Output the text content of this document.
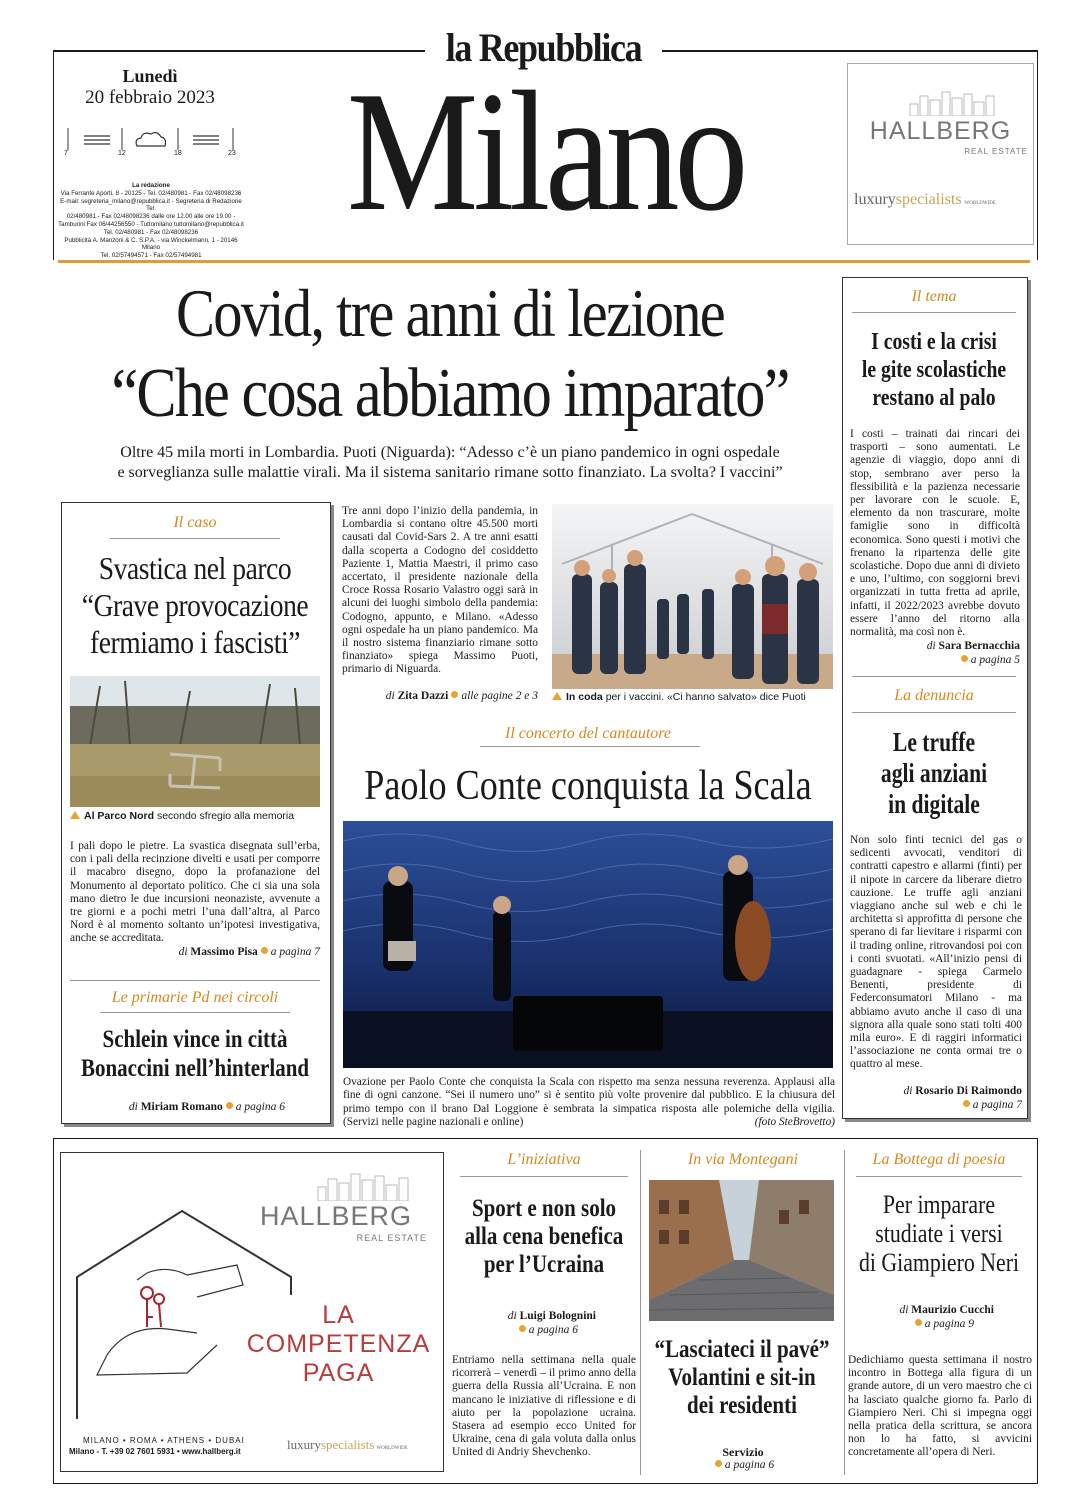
la Repubblica
Lunedì
20 febbraio 2023
7	12	18	23
La redazione
Via Ferrante Aporti, 8 - 20125 - Tel. 02/480981 - Fax 02/48098236
E-mail: segreteria_milano@repubblica.it - Segreteria di Redazione Tel.
02/480981 - Fax 02/48098236 dalle ore 12.00 alle ore 19.00 -
Tamburini Fax 06/44256550 - Tuttomilano tuttomilano@repubblica.it
Tel. 02/480981 - Fax 02/48098236
Pubblicità A. Manzoni & C. S.P.A. - via Winckelmann, 1 - 20146 Milano
Tel. 02/57494571 - Fax 02/57494981
Milano	HALLBERG
REAL ESTATE
luxuryspecialists WORLDWIDE
Covid, tre anni di lezione
“Che cosa abbiamo imparato”
Oltre 45 mila morti in Lombardia. Puoti (Niguarda): “Adesso c’è un piano pandemico in ogni ospedale
e sorveglianza sulle malattie virali. Ma il sistema sanitario rimane sotto finanziato. La svolta? I vaccini”
Tre anni dopo l’inizio della pandemia, in Lombardia si contano oltre 45.500 morti causati dal Covid-Sars 2. A tre anni esatti dalla scoperta a Codogno del cosiddetto Paziente 1, Mattia Maestri, il primo caso accertato, il presidente nazionale della Croce Rossa Rosario Valastro oggi sarà in alcuni dei luoghi simbolo della pandemia: Codogno, appunto, e Milano. «Adesso ogni ospedale ha un piano pandemico. Ma il nostro sistema finanziario rimane sotto finanziato» spiega Massimo Puoti, primario di Niguarda.
di Zita Dazzi alle pagine 2 e 3	In coda per i vaccini. «Ci hanno salvato» dice Puoti
Il caso
Svastica nel parco
“Grave provocazione
fermiamo i fascisti”
Al Parco Nord secondo sfregio alla memoria
I pali dopo le pietre. La svastica disegnata sull’erba, con i pali della recinzione divelti e usati per comporre il macabro disegno, dopo la profanazione del Monumento al deportato politico. Che ci sia una sola mano dietro le due incursioni neonaziste, avvenute a tre giorni e a pochi metri l’una dall’altra, al Parco Nord è al momento soltanto un’ipotesi investigativa, anche se accreditata.
di Massimo Pisa a pagina 7
Le primarie Pd nei circoli
Schlein vince in città
Bonaccini nell’hinterland
di Miriam Romano a pagina 6
Il concerto del cantautore
Paolo Conte conquista la Scala
Ovazione per Paolo Conte che conquista la Scala con rispetto ma senza nessuna reverenza. Applausi alla fine di ogni canzone. “Sei il numero uno” si è sentito più volte provenire dal pubblico. E la chiusura del primo tempo con il brano Dal Loggione è sembrata la simpatica risposta alle polemiche della vigilia. (Servizi nelle pagine nazionali e online)	(foto SteBrovetto)
Il tema
I costi e la crisi
le gite scolastiche
restano al palo
I costi – trainati dai rincari dei trasporti – sono aumentati. Le agenzie di viaggio, dopo anni di stop, sembrano aver perso la flessibilità e la pazienza necessarie per lavorare con le scuole. E, elemento da non trascurare, molte famiglie sono in difficoltà economica. Sono questi i motivi che frenano la ripartenza delle gite scolastiche. Dopo due anni di divieto e uno, l’ultimo, con soggiorni brevi organizzati in tutta fretta ad aprile, infatti, il 2022/2023 avrebbe dovuto essere l’anno del ritorno alla normalità, ma così non è.
di Sara Bernacchia
a pagina 5
La denuncia
Le truffe
agli anziani
in digitale
Non solo finti tecnici del gas o sedicenti avvocati, venditori di contratti capestro e allarmi (finti) per il nipote in carcere da liberare dietro cauzione. Le truffe agli anziani viaggiano anche sul web e chi le architetta si approfitta di persone che sperano di far lievitare i risparmi con il trading online, ritrovandosi poi con i conti svuotati. «All’inizio pensi di guadagnare - spiega Carmelo Benenti, presidente di Federconsumatori Milano - ma abbiamo avuto anche il caso di una signora alla quale sono stati tolti 400 mila euro». E di raggiri informatici l’associazione ne conta ormai tre o quattro al mese.
di Rosario Di Raimondo
a pagina 7
HALLBERG
REAL ESTATE
LA
COMPETENZA
PAGA
MILANO • ROMA • ATHENS • DUBAI
Milano - T. +39 02 7601 5931 • www.hallberg.it	luxuryspecialists WORLDWIDE
L’iniziativa
Sport e non solo
alla cena benefica
per l’Ucraina
di Luigi Bolognini
a pagina 6
Entriamo nella settimana nella quale ricorrerà – venerdì – il primo anno della guerra della Russia all’Ucraina. E non mancano le iniziative di riflessione e di aiuto per la popolazione ucraina. Stasera ad esempio ecco United for Ukraine, cena di gala voluta dalla onlus United di Andriy Shevchenko.
In via Montegani
“Lasciateci il pavé”
Volantini e sit-in
dei residenti
Servizio
a pagina 6
La Bottega di poesia
Per imparare
studiate i versi
di Giampiero Neri
di Maurizio Cucchi
a pagina 9
Dedichiamo questa settimana il nostro incontro in Bottega alla figura di un grande autore, di un vero maestro che ci ha lasciato qualche giorno fa. Parlo di Giampiero Neri. Chi si impegna oggi nella pratica della scrittura, se ancora non lo ha fatto, si avvicini concretamente all’opera di Neri.
